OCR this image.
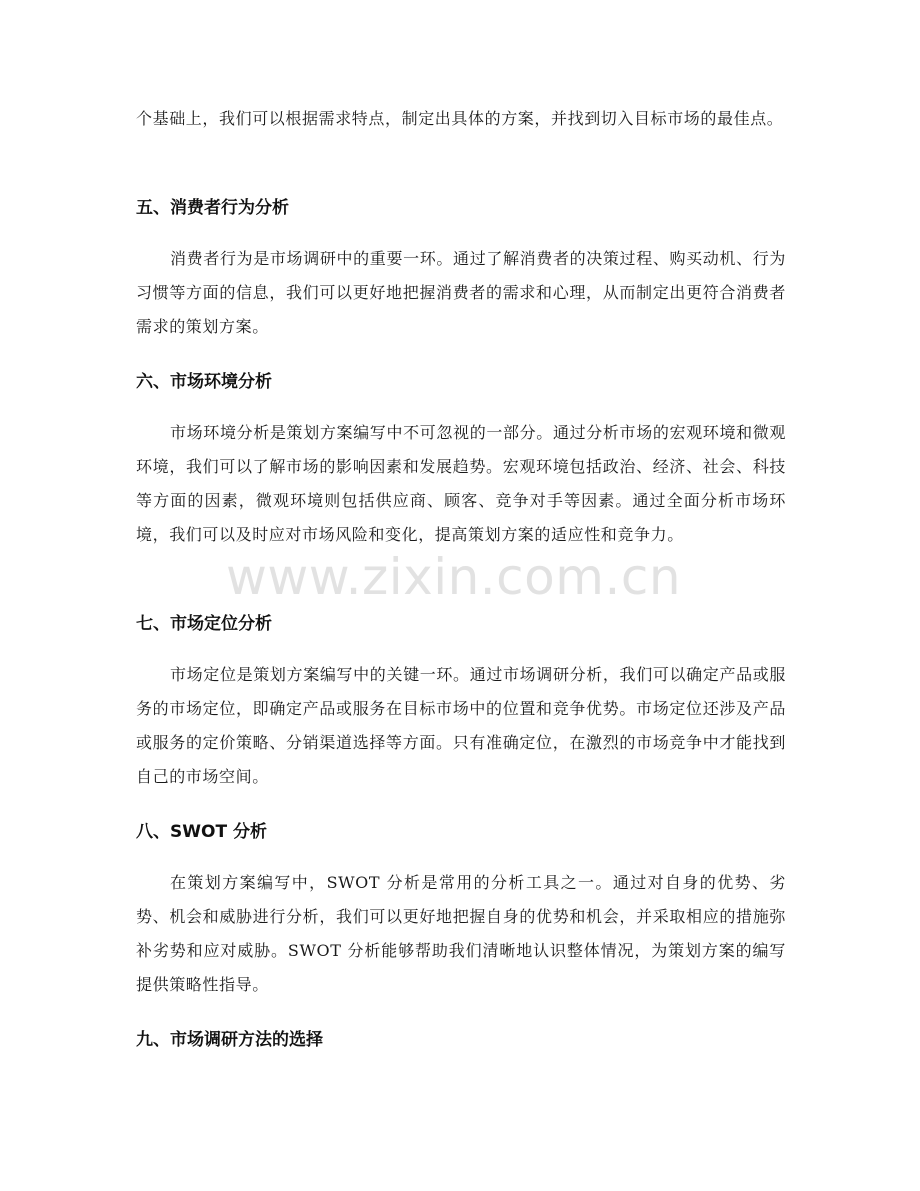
www.zixin.com.cn
个基础上，我们可以根据需求特点，制定出具体的方案，并找到切入目标市场的最佳点。
五、消费者行为分析
消费者行为是市场调研中的重要一环。通过了解消费者的决策过程、购买动机、行为习惯等方面的信息，我们可以更好地把握消费者的需求和心理，从而制定出更符合消费者需求的策划方案。
六、市场环境分析
市场环境分析是策划方案编写中不可忽视的一部分。通过分析市场的宏观环境和微观环境，我们可以了解市场的影响因素和发展趋势。宏观环境包括政治、经济、社会、科技等方面的因素，微观环境则包括供应商、顾客、竞争对手等因素。通过全面分析市场环境，我们可以及时应对市场风险和变化，提高策划方案的适应性和竞争力。
七、市场定位分析
市场定位是策划方案编写中的关键一环。通过市场调研分析，我们可以确定产品或服务的市场定位，即确定产品或服务在目标市场中的位置和竞争优势。市场定位还涉及产品或服务的定价策略、分销渠道选择等方面。只有准确定位，在激烈的市场竞争中才能找到自己的市场空间。
八、SWOT 分析
在策划方案编写中，SWOT 分析是常用的分析工具之一。通过对自身的优势、劣势、机会和威胁进行分析，我们可以更好地把握自身的优势和机会，并采取相应的措施弥补劣势和应对威胁。SWOT 分析能够帮助我们清晰地认识整体情况，为策划方案的编写提供策略性指导。
九、市场调研方法的选择
